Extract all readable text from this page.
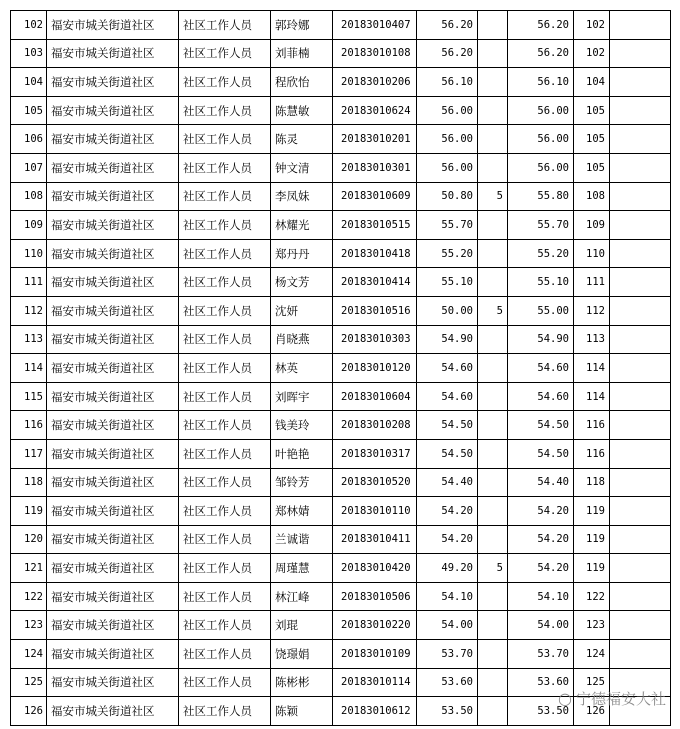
102	福安市城关街道社区	社区工作人员	郭玲娜	20183010407	56.20		56.20	102	
103	福安市城关街道社区	社区工作人员	刘菲楠	20183010108	56.20		56.20	102	
104	福安市城关街道社区	社区工作人员	程欣怡	20183010206	56.10		56.10	104	
105	福安市城关街道社区	社区工作人员	陈慧敏	20183010624	56.00		56.00	105	
106	福安市城关街道社区	社区工作人员	陈灵	20183010201	56.00		56.00	105	
107	福安市城关街道社区	社区工作人员	钟文清	20183010301	56.00		56.00	105	
108	福安市城关街道社区	社区工作人员	李凤妹	20183010609	50.80	5	55.80	108	
109	福安市城关街道社区	社区工作人员	林耀光	20183010515	55.70		55.70	109	
110	福安市城关街道社区	社区工作人员	郑丹丹	20183010418	55.20		55.20	110	
111	福安市城关街道社区	社区工作人员	杨文芳	20183010414	55.10		55.10	111	
112	福安市城关街道社区	社区工作人员	沈妍	20183010516	50.00	5	55.00	112	
113	福安市城关街道社区	社区工作人员	肖晓燕	20183010303	54.90		54.90	113	
114	福安市城关街道社区	社区工作人员	林英	20183010120	54.60		54.60	114	
115	福安市城关街道社区	社区工作人员	刘晖宇	20183010604	54.60		54.60	114	
116	福安市城关街道社区	社区工作人员	钱美玲	20183010208	54.50		54.50	116	
117	福安市城关街道社区	社区工作人员	叶艳艳	20183010317	54.50		54.50	116	
118	福安市城关街道社区	社区工作人员	邹铃芳	20183010520	54.40		54.40	118	
119	福安市城关街道社区	社区工作人员	郑林婧	20183010110	54.20		54.20	119	
120	福安市城关街道社区	社区工作人员	兰诚谐	20183010411	54.20		54.20	119	
121	福安市城关街道社区	社区工作人员	周瑾慧	20183010420	49.20	5	54.20	119	
122	福安市城关街道社区	社区工作人员	林江峰	20183010506	54.10		54.10	122	
123	福安市城关街道社区	社区工作人员	刘琨	20183010220	54.00		54.00	123	
124	福安市城关街道社区	社区工作人员	饶璟娟	20183010109	53.70		53.70	124	
125	福安市城关街道社区	社区工作人员	陈彬彬	20183010114	53.60		53.60	125	
126	福安市城关街道社区	社区工作人员	陈颖	20183010612	53.50		53.50	126	
○ 宁德福安大社
